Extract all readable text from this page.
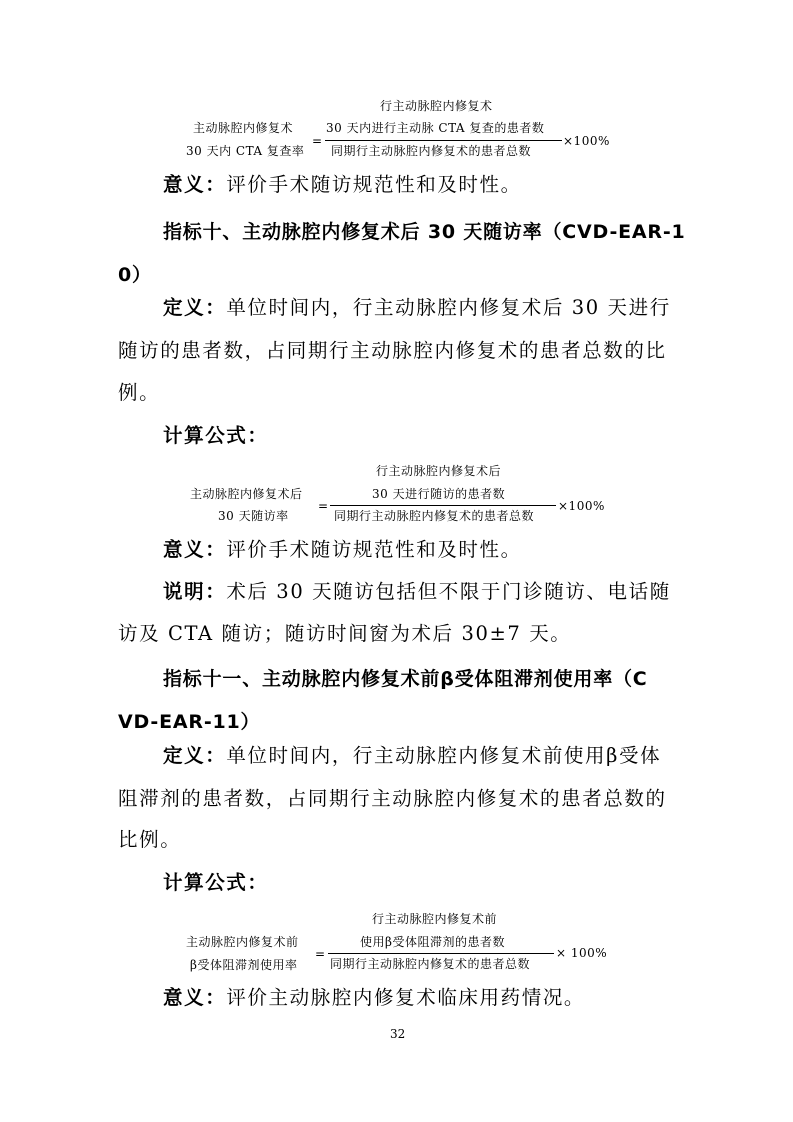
行主动脉腔内修复术
主动脉腔内修复术
30 天内 CTA 复查率
=
30 天内进行主动脉 CTA 复查的患者数
同期行主动脉腔内修复术的患者总数
×100%
意义：评价手术随访规范性和及时性。
指标十、主动脉腔内修复术后 30 天随访率（CVD-EAR-1
0）
定义：单位时间内，行主动脉腔内修复术后 30 天进行
随访的患者数，占同期行主动脉腔内修复术的患者总数的比
例。
计算公式：
行主动脉腔内修复术后
主动脉腔内修复术后
30 天随访率
=
30 天进行随访的患者数
同期行主动脉腔内修复术的患者总数
×100%
意义：评价手术随访规范性和及时性。
说明：术后 30 天随访包括但不限于门诊随访、电话随
访及 CTA 随访；随访时间窗为术后 30±7 天。
指标十一、主动脉腔内修复术前β受体阻滞剂使用率（C
VD-EAR-11）
定义：单位时间内，行主动脉腔内修复术前使用β受体
阻滞剂的患者数，占同期行主动脉腔内修复术的患者总数的
比例。
计算公式：
行主动脉腔内修复术前
主动脉腔内修复术前
β受体阻滞剂使用率
=
使用β受体阻滞剂的患者数
同期行主动脉腔内修复术的患者总数
× 100%
意义：评价主动脉腔内修复术临床用药情况。
32
